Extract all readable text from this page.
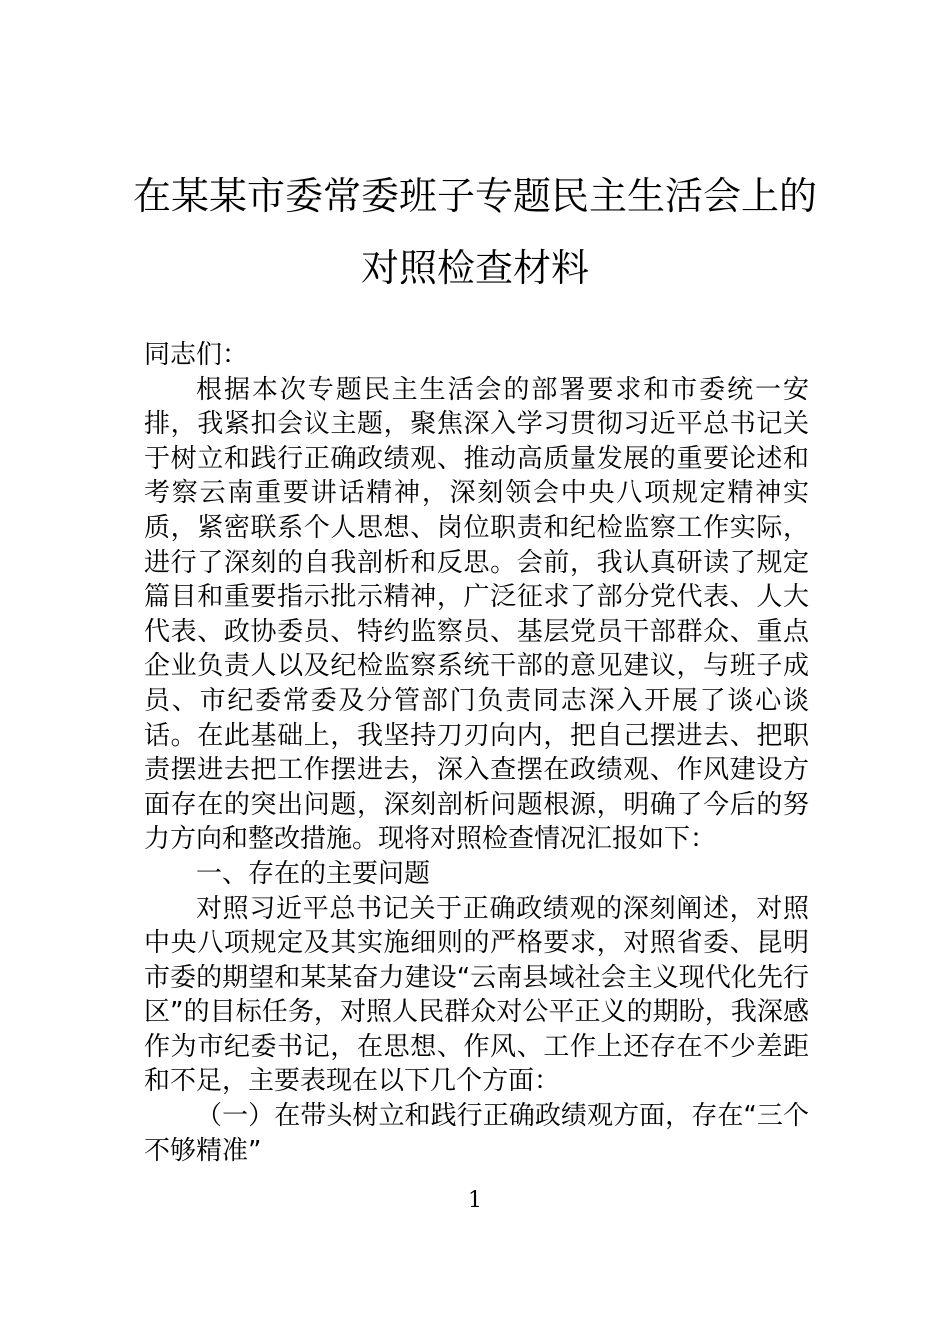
在某某市委常委班子专题民主生活会上的
对照检查材料

同志们：

根据本次专题民主生活会的部署要求和市委统一安排，我紧扣会议主题，聚焦深入学习贯彻习近平总书记关于树立和践行正确政绩观、推动高质量发展的重要论述和考察云南重要讲话精神，深刻领会中央八项规定精神实质，紧密联系个人思想、岗位职责和纪检监察工作实际，进行了深刻的自我剖析和反思。会前，我认真研读了规定篇目和重要指示批示精神，广泛征求了部分党代表、人大代表、政协委员、特约监察员、基层党员干部群众、重点企业负责人以及纪检监察系统干部的意见建议，与班子成员、市纪委常委及分管部门负责同志深入开展了谈心谈话。在此基础上，我坚持刀刃向内，把自己摆进去、把职责摆进去把工作摆进去，深入查摆在政绩观、作风建设方面存在的突出问题，深刻剖析问题根源，明确了今后的努力方向和整改措施。现将对照检查情况汇报如下：

一、存在的主要问题

对照习近平总书记关于正确政绩观的深刻阐述，对照中央八项规定及其实施细则的严格要求，对照省委、昆明市委的期望和某某奋力建设“云南县域社会主义现代化先行区”的目标任务，对照人民群众对公平正义的期盼，我深感作为市纪委书记，在思想、作风、工作上还存在不少差距和不足，主要表现在以下几个方面：

（一）在带头树立和践行正确政绩观方面，存在“三个不够精准”

1
